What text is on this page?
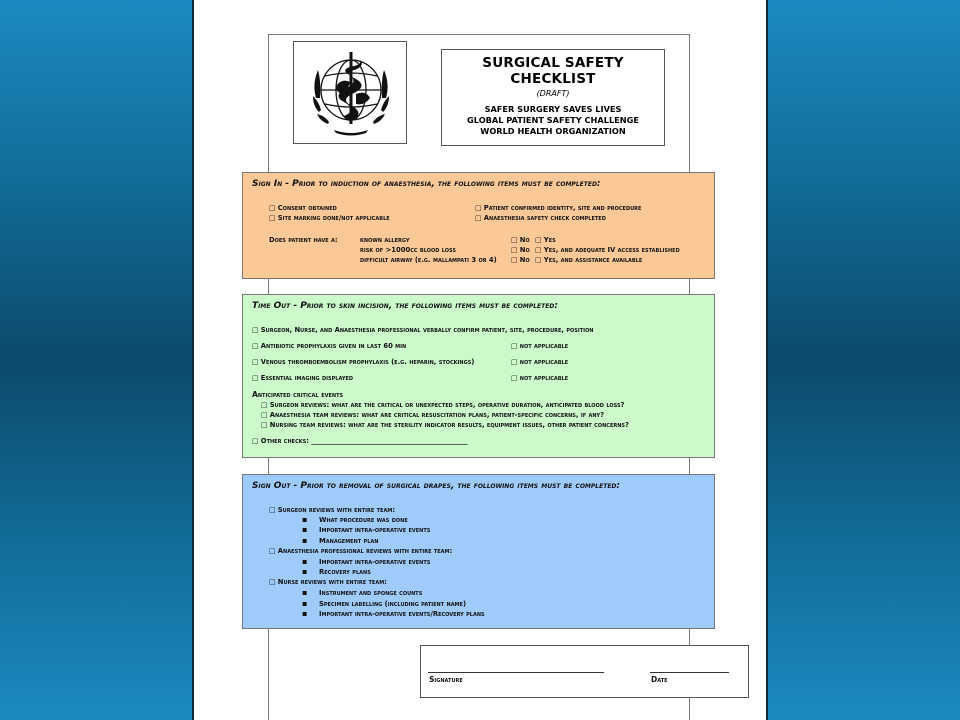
SURGICAL SAFETY CHECKLIST
(DRAFT)
SAFER SURGERY SAVES LIVES
GLOBAL PATIENT SAFETY CHALLENGE
WORLD HEALTH ORGANIZATION
Sign In - Prior to induction of anaesthesia, the following items must be completed:
□ Consent obtained
□ Site marking done/not applicable
□ Patient confirmed identity, site and procedure
□ Anaesthesia safety check completed
Does patient have a:	known allergy
risk of >1000cc blood loss
difficult airway (e.g. mallampati 3 or 4)
□ No
□ No
□ No
□ Yes
□ Yes, and adequate IV access established
□ Yes, and assistance available
Time Out - Prior to skin incision, the following items must be completed:
□ Surgeon, Nurse, and Anaesthesia professional verbally confirm patient, site, procedure, position
□ Antibiotic prophylaxis given in last 60 min
□ Venous thromboembolism prophylaxis (e.g. heparin, stockings)
□ Essential imaging displayed
□ not applicable
□ not applicable
□ not applicable
Anticipated critical events
□ Surgeon reviews: what are the critical or unexpected steps, operative duration, anticipated blood loss?
□ Anaesthesia team reviews: what are critical resuscitation plans, patient-specific concerns, if any?
□ Nursing team reviews: what are the sterility indicator results, equipment issues, other patient concerns?
□ Other checks: ______________________________________________
Sign Out - Prior to removal of surgical drapes, the following items must be completed:
□ Surgeon reviews with entire team:
▪ What procedure was done
▪ Important intra-operative events
▪ Management plan
□ Anaesthesia professional reviews with entire team:
▪ Important intra-operative events
▪ Recovery plans
□ Nurse reviews with entire team:
▪ Instrument and sponge counts
▪ Specimen labelling (including patient name)
▪ Important intra-operative events/Recovery plans
Signature	Date
